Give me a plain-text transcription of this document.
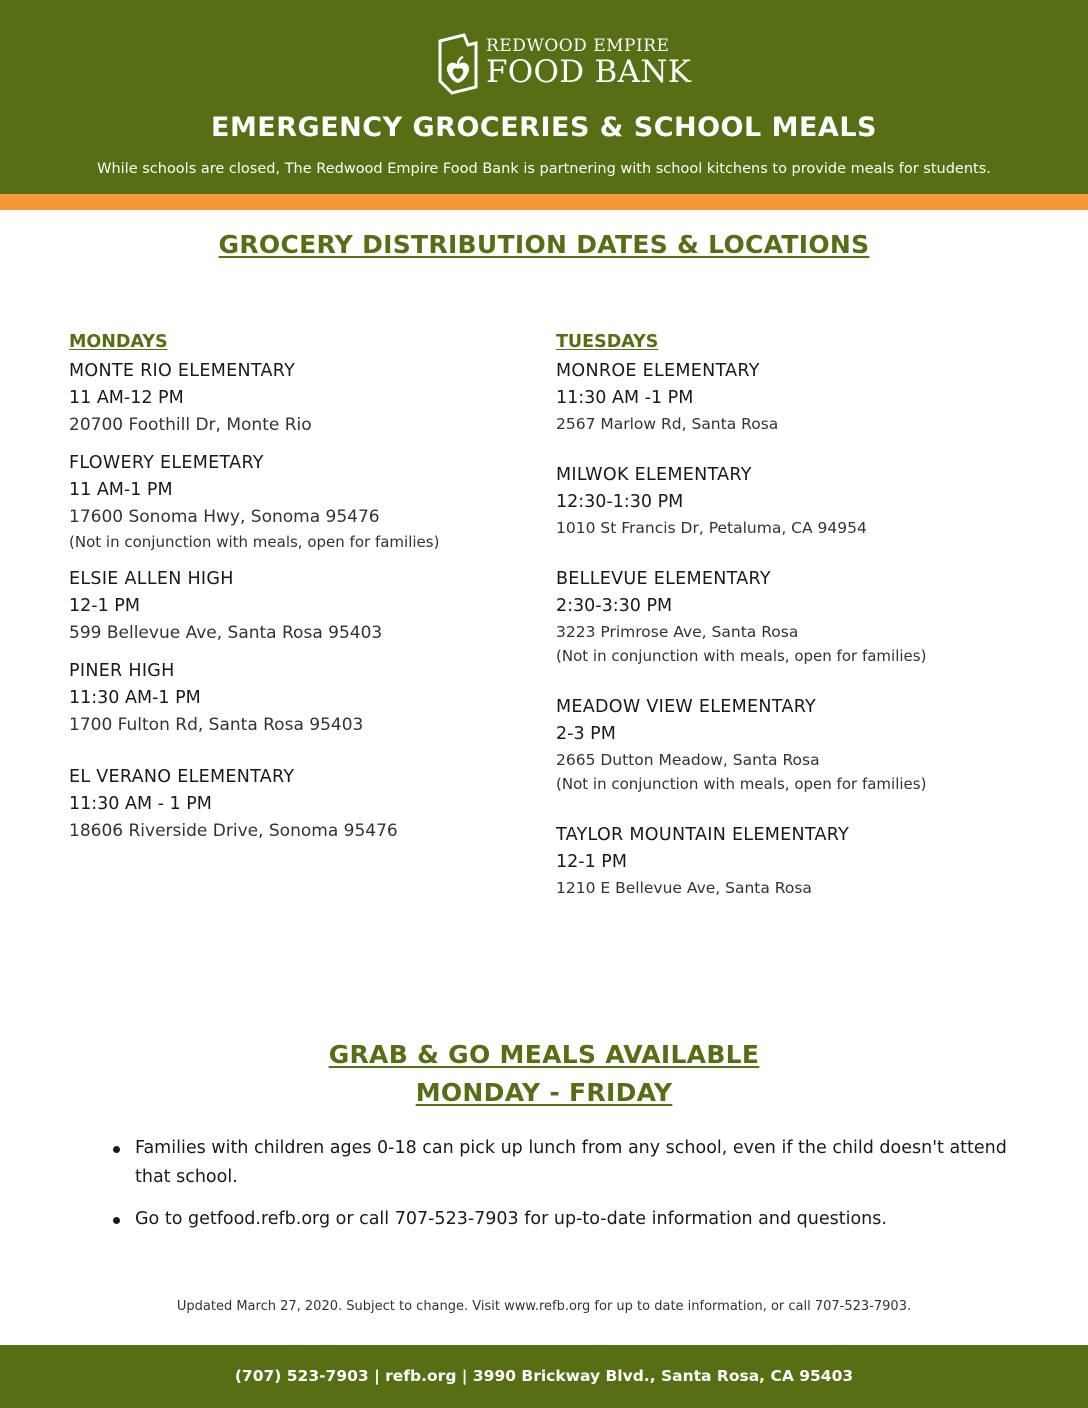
REDWOOD EMPIRE
FOOD BANK
EMERGENCY GROCERIES & SCHOOL MEALS
While schools are closed, The Redwood Empire Food Bank is partnering with school kitchens to provide meals for students.
GROCERY DISTRIBUTION DATES & LOCATIONS
MONDAYS
MONTE RIO ELEMENTARY
11 AM-12 PM
20700 Foothill Dr, Monte Rio
FLOWERY ELEMETARY
11 AM-1 PM
17600 Sonoma Hwy, Sonoma 95476
(Not in conjunction with meals, open for families)
ELSIE ALLEN HIGH
12-1 PM
599 Bellevue Ave, Santa Rosa 95403
PINER HIGH
11:30 AM-1 PM
1700 Fulton Rd, Santa Rosa 95403
EL VERANO ELEMENTARY
11:30 AM - 1 PM
18606 Riverside Drive, Sonoma 95476
TUESDAYS
MONROE ELEMENTARY
11:30 AM -1 PM
2567 Marlow Rd, Santa Rosa
MILWOK ELEMENTARY
12:30-1:30 PM
1010 St Francis Dr, Petaluma, CA 94954
BELLEVUE ELEMENTARY
2:30-3:30 PM
3223 Primrose Ave, Santa Rosa
(Not in conjunction with meals, open for families)
MEADOW VIEW ELEMENTARY
2-3 PM
2665 Dutton Meadow, Santa Rosa
(Not in conjunction with meals, open for families)
TAYLOR MOUNTAIN ELEMENTARY
12-1 PM
1210 E Bellevue Ave, Santa Rosa
GRAB & GO MEALS AVAILABLE
MONDAY - FRIDAY
Families with children ages 0-18 can pick up lunch from any school, even if the child doesn't attend that school.
Go to getfood.refb.org or call 707-523-7903 for up-to-date information and questions.
Updated March 27, 2020. Subject to change. Visit www.refb.org for up to date information, or call 707-523-7903.
(707) 523-7903 | refb.org | 3990 Brickway Blvd., Santa Rosa, CA 95403
